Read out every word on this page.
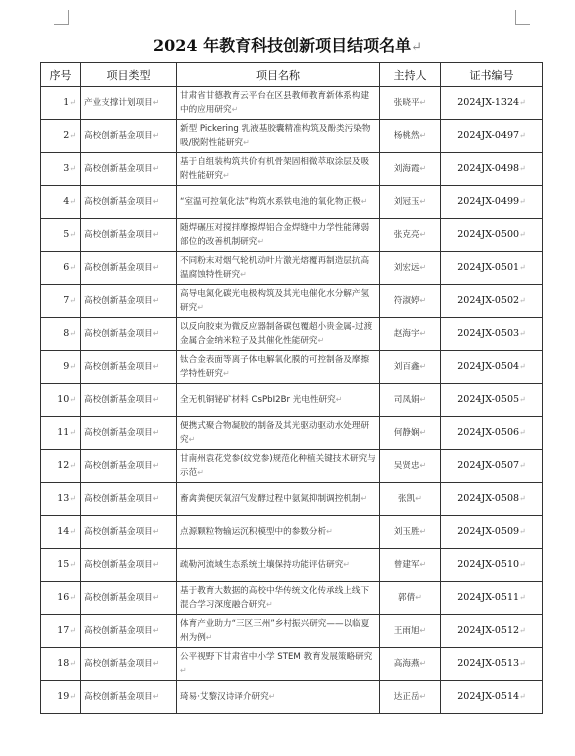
2024 年教育科技创新项目结项名单↵
序号	项目类型	项目名称	主持人	证书编号
1↵	产业支撑计划项目↵	甘肃省甘德教育云平台在区县教师教育新体系构建中的应用研究↵	张晓平↵	2024JX-1324↵
2↵	高校创新基金项目↵	新型 Pickering 乳液基胶囊精准构筑及酚类污染物吸/脱附性能研究↵	杨桃然↵	2024JX-0497↵
3↵	高校创新基金项目↵	基于自组装构筑共价有机骨架固相微萃取涂层及吸附性能研究↵	刘海霞↵	2024JX-0498↵
4↵	高校创新基金项目↵	“室温可控氧化法”构筑水系铁电池的氧化物正极↵	刘冠玉↵	2024JX-0499↵
5↵	高校创新基金项目↵	随焊碾压对搅拌摩擦焊铝合金焊缝中力学性能薄弱部位的改善机制研究↵	张克亮↵	2024JX-0500↵
6↵	高校创新基金项目↵	不同粉末对烟气轮机动叶片激光熔覆再制造层抗高温腐蚀特性研究↵	刘宏远↵	2024JX-0501↵
7↵	高校创新基金项目↵	高导电氮化碳光电极构筑及其光电催化水分解产氢研究↵	符淑婷↵	2024JX-0502↵
8↵	高校创新基金项目↵	以反向胶束为微反应器制备碳包覆超小贵金属-过渡金属合金纳米粒子及其催化性能研究↵	赵海宇↵	2024JX-0503↵
9↵	高校创新基金项目↵	钛合金表面等离子体电解氧化膜的可控制备及摩擦学特性研究↵	刘百鑫↵	2024JX-0504↵
10↵	高校创新基金项目↵	全无机铜铋矿材料 CsPbI2Br 光电性研究↵	司凤娟↵	2024JX-0505↵
11↵	高校创新基金项目↵	便携式聚合物凝胶的制备及其光驱动驱动水处理研究↵	何静娴↵	2024JX-0506↵
12↵	高校创新基金项目↵	甘南州袁花党参(纹党参)规范化种植关键技术研究与示范↵	吴贤忠↵	2024JX-0507↵
13↵	高校创新基金项目↵	畜禽粪便厌氧沼气发酵过程中氨氮抑制调控机制↵	张凯↵	2024JX-0508↵
14↵	高校创新基金项目↵	点源颗粒物输运沉积模型中的参数分析↵	刘玉胜↵	2024JX-0509↵
15↵	高校创新基金项目↵	疏勒河流域生态系统土壤保持功能评估研究↵	曾建军↵	2024JX-0510↵
16↵	高校创新基金项目↵	基于教育大数据的高校中华传统文化传承线上线下混合学习深度融合研究↵	郭倩↵	2024JX-0511↵
17↵	高校创新基金项目↵	体育产业助力“三区三州”乡村振兴研究——以临夏州为例↵	王雨旭↵	2024JX-0512↵
18↵	高校创新基金项目↵	公平视野下甘肃省中小学 STEM 教育发展策略研究↵	高海燕↵	2024JX-0513↵
19↵	高校创新基金项目↵	琦易·艾黎汉诗译介研究↵	达正岳↵	2024JX-0514↵
